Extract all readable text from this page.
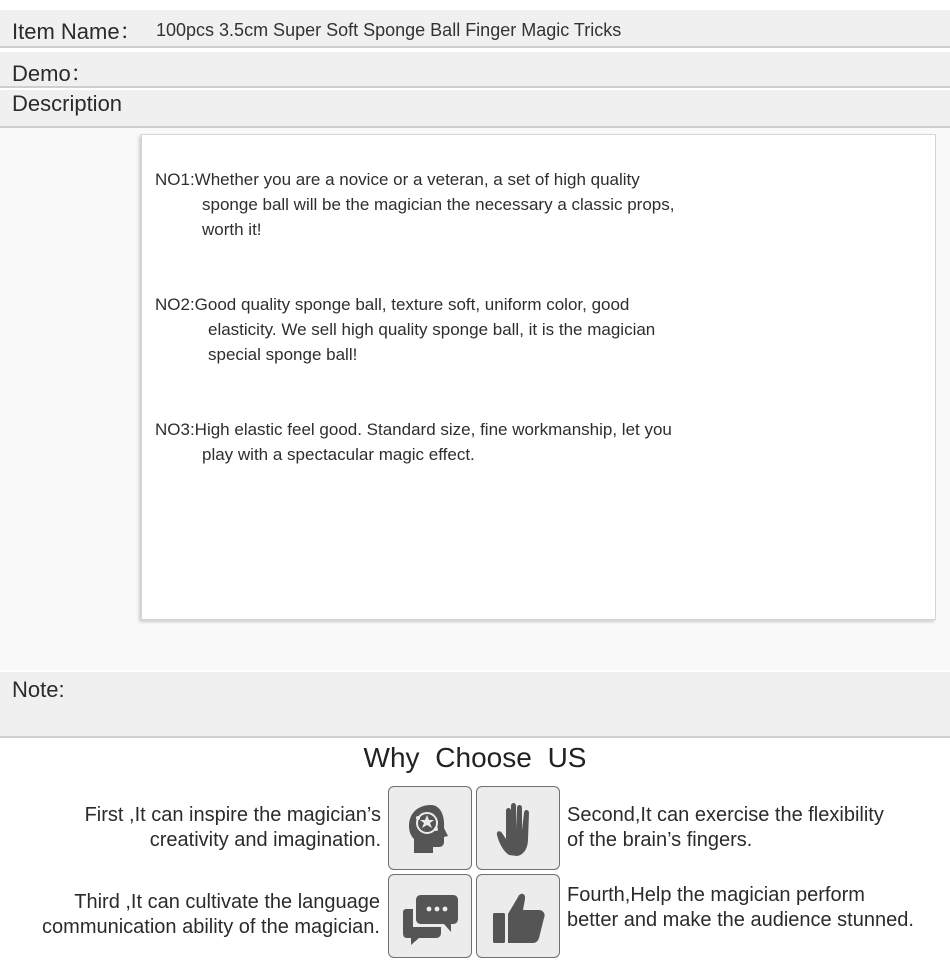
Item Name： 100pcs 3.5cm Super Soft Sponge Ball Finger Magic Tricks
Demo：
Description
NO1:Whether you are a novice or a veteran, a set of high quality
sponge ball will be the magician the necessary a classic props,
worth it!
NO2:Good quality sponge ball, texture soft, uniform color, good
elasticity. We sell high quality sponge ball, it is the magician
special sponge ball!
NO3:High elastic feel good. Standard size, fine workmanship, let you
play with a spectacular magic effect.
Note:
Why Choose US
First ,It can inspire the magician’s
creativity and imagination.
Second,It can exercise the flexibility
of the brain’s fingers.
Third ,It can cultivate the language
communication ability of the magician.
Fourth,Help the magician perform
better and make the audience stunned.
